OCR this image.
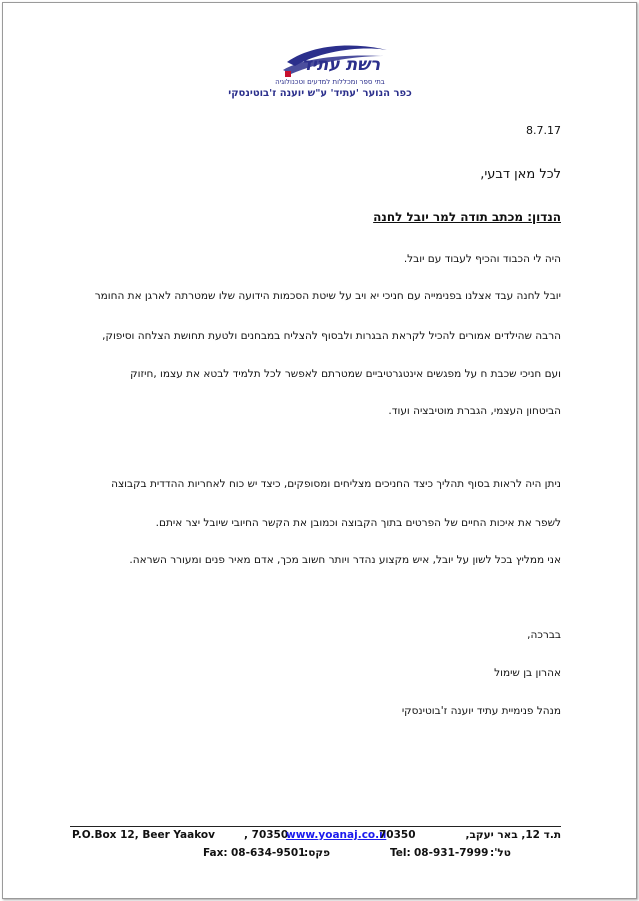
רשת עתיד
בתי ספר ומכללות למדעים וטכנולוגיה
כפר הנוער 'עתיד' ע"ש יוענה ז'בוטינסקי
8.7.17
לכל מאן דבעי,
הנדון: מכתב תודה למר יובל לחנה
היה לי הכבוד והכיף לעבוד עם יובל.
יובל לחנה עבד אצלנו בפנימייה עם חניכי יא ויב על שיטת הסכמות הידועה שלו שמטרתה לארגן את החומר
הרבה שהילדים אמורים להכיל לקראת הבגרות ולבסוף להצליח במבחנים ולטעת תחושת הצלחה וסיפוק,
ועם חניכי שכבת ח על מפגשים אינטגרטיביים שמטרתם לאפשר לכל תלמיד לבטא את עצמו ,חיזוק
הביטחון העצמי, הגברת מוטיבציה ועוד.
ניתן היה לראות בסוף תהליך כיצד החניכים מצליחים ומסופקים, כיצד יש כוח לאחריות ההדדית בקבוצה
לשפר את איכות החיים של הפרטים בתוך הקבוצה וכמובן את הקשר החיובי שיובל יצר איתם.
אני ממליץ בכל לשון על יובל, איש מקצוע נהדר ויותר חשוב מכך, אדם מאיר פנים ומעורר השראה.
בברכה,
אהרון בן שימול
מנהל פנימיית עתיד יוענה ז'בוטינסקי
P.O.Box 12, Beer Yaakov	, 70350
www.yoanaj.co.il
70350	ת.ד 12, באר יעקב,
Fax: 08-634-9501
פקס:	Tel: 08-931-7999 טל':
